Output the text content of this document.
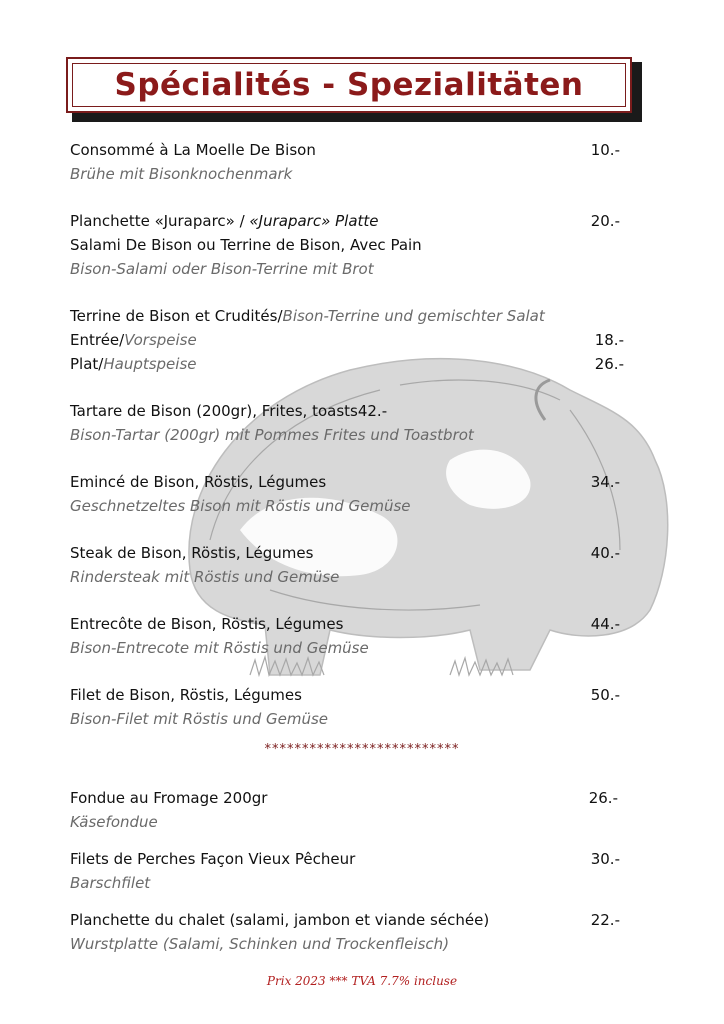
Spécialités - Spezialitäten
Consommé à La Moelle De Bison	10.-
Brühe mit Bisonknochenmark
Planchette «Juraparc» / «Juraparc» Platte	20.-
Salami De Bison ou Terrine de Bison, Avec Pain
Bison-Salami oder Bison-Terrine mit Brot
Terrine de Bison et Crudités/Bison-Terrine und gemischter Salat
Entrée/Vorspeise	18.-
Plat/Hauptspeise	26.-
Tartare de Bison (200gr), Frites, toasts42.-
Bison-Tartar (200gr) mit Pommes Frites und Toastbrot
Emincé de Bison, Röstis, Légumes	34.-
Geschnetzeltes Bison mit Röstis und Gemüse
Steak de Bison, Röstis, Légumes	40.-
Rindersteak mit Röstis und Gemüse
Entrecôte de Bison, Röstis, Légumes	44.-
Bison-Entrecote mit Röstis und Gemüse
Filet de Bison, Röstis, Légumes	50.-
Bison-Filet mit Röstis und Gemüse
**************************
Fondue au Fromage 200gr	26.-
Käsefondue
Filets de Perches Façon Vieux Pêcheur	30.-
Barschfilet
Planchette du chalet (salami, jambon et viande séchée)	22.-
Wurstplatte (Salami, Schinken und Trockenfleisch)
Prix 2023 *** TVA 7.7% incluse
